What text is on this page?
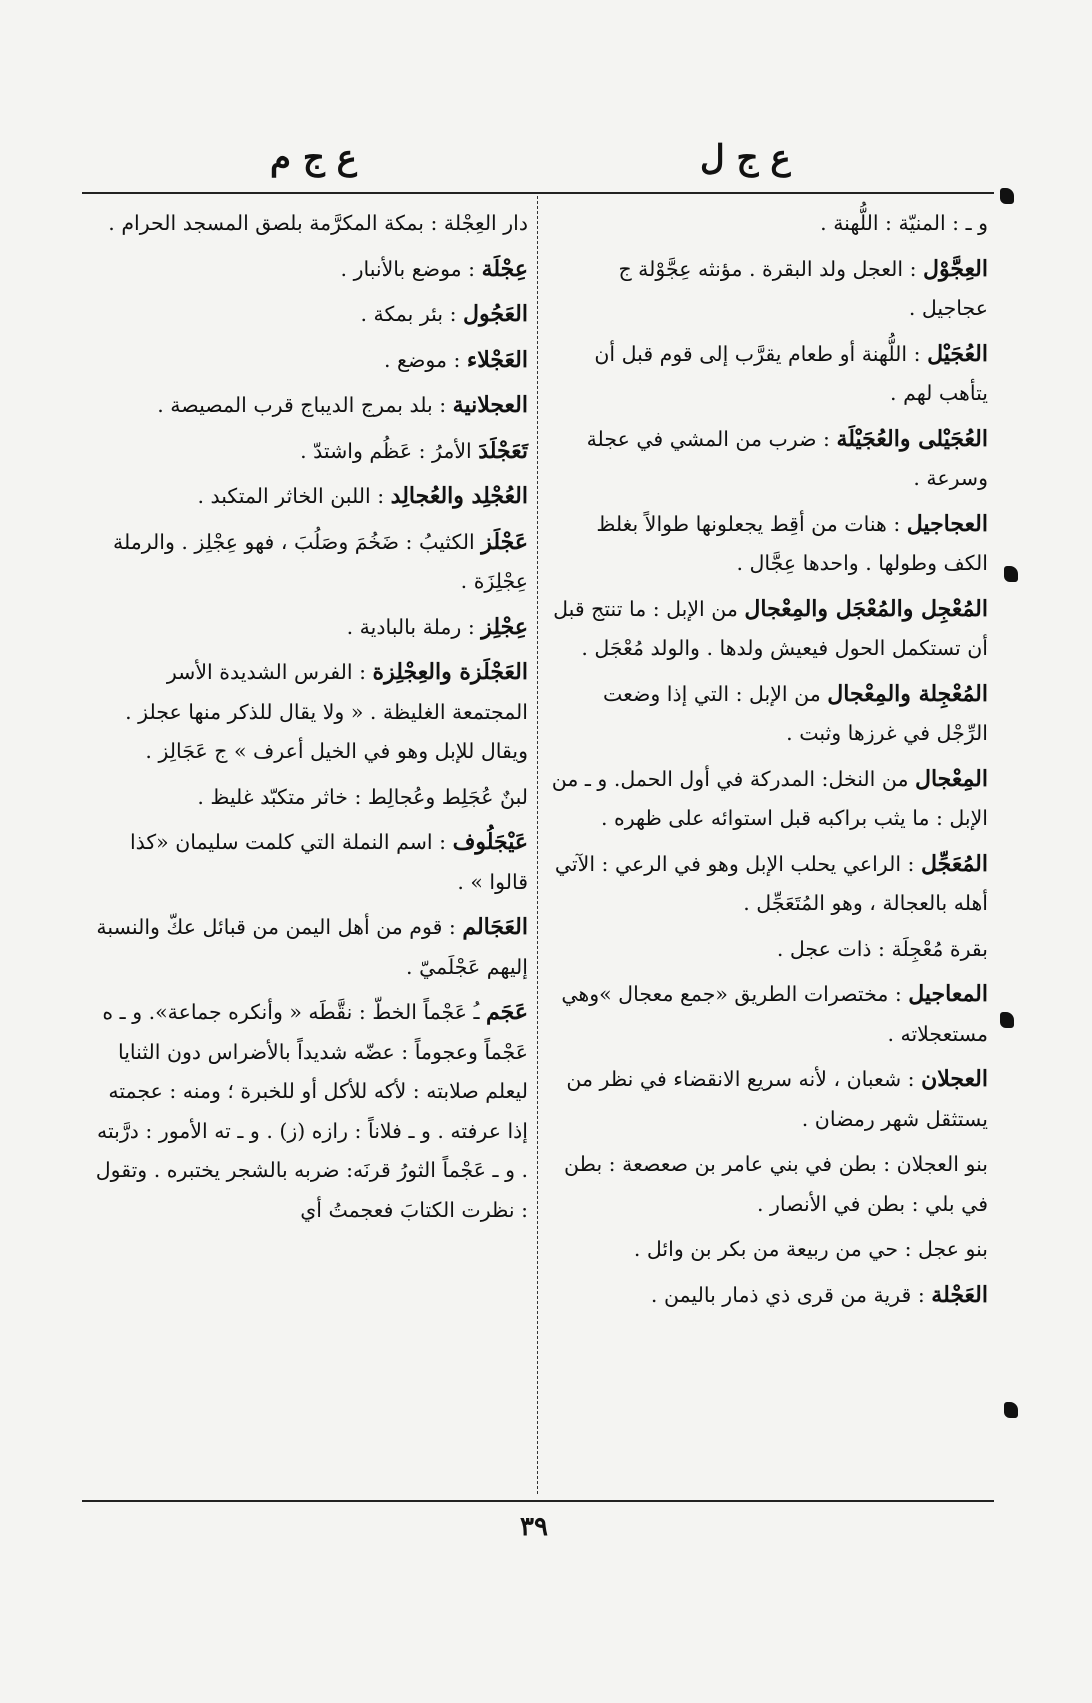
ع ج ل
ع ج م
و ـ : المنيّة : اللُّهنة .
العِجَّوْل : العجل ولد البقرة . مؤنثه عِجَّوْلة ج عجاجيل .
العُجَيْل : اللُّهنة أو طعام يقرَّب إلى قوم قبل أن يتأهب لهم .
العُجَيْلى والعُجَيْلَة : ضرب من المشي في عجلة وسرعة .
العجاجيل : هنات من أقِط يجعلونها طوالاً بغلظ الكف وطولها . واحدها عِجَّال .
المُعْجِل والمُعْجَل والمِعْجال من الإبل : ما تنتج قبل أن تستكمل الحول فيعيش ولدها . والولد مُعْجَل .
المُعْجِلة والمِعْجال من الإبل : التي إذا وضعت الرِّجْل في غرزها وثبت .
المِعْجال من النخل: المدركة في أول الحمل. و ـ من الإبل : ما يثب براكبه قبل استوائه على ظهره .
المُعَجِّل : الراعي يحلب الإبل وهو في الرعي : الآتي أهله بالعجالة ، وهو المُتَعَجِّل .
بقرة مُعْجِلَة : ذات عجل .
المعاجيل : مختصرات الطريق «جمع معجال »وهي مستعجلاته .
العجلان : شعبان ، لأنه سريع الانقضاء في نظر من يستثقل شهر رمضان .
بنو العجلان : بطن في بني عامر بن صعصعة : بطن في بلي : بطن في الأنصار .
بنو عجل : حي من ربيعة من بكر بن وائل .
العَجْلة : قرية من قرى ذي ذمار باليمن .
دار العِجْلة : بمكة المكرَّمة بلصق المسجد الحرام .
عِجْلَة : موضع بالأنبار .
العَجُول : بئر بمكة .
العَجْلاء : موضع .
العجلانية : بلد بمرج الديباج قرب المصيصة .
تَعَجْلَدَ الأمرُ : عَظُم واشتدّ .
العُجْلِد والعُجالِد : اللبن الخاثر المتكبد .
عَجْلَز الكثيبُ : ضَخُمَ وصَلُبَ ، فهو عِجْلِز . والرملة عِجْلِزَة .
عِجْلِز : رملة بالبادية .
العَجْلَزة والعِجْلِزة : الفرس الشديدة الأسر المجتمعة الغليظة . « ولا يقال للذكر منها عجلز . ويقال للإبل وهو في الخيل أعرف » ج عَجَالِز .
لبنٌ عُجَلِط وعُجالِط : خاثر متكبّد غليظ .
عَيْجَلُوف : اسم النملة التي كلمت سليمان «كذا قالوا » .
العَجَالم : قوم من أهل اليمن من قبائل عكّ والنسبة إليهم عَجْلَميّ .
عَجَم ـُ عَجْماً الخطّ : نقَّطَه « وأنكره جماعة». و ـ ه عَجْماً وعجوماً : عضّه شديداً بالأضراس دون الثنايا ليعلم صلابته : لأكه للأكل أو للخبرة ؛ ومنه : عجمته إذا عرفته . و ـ فلاناً : رازه (ز) . و ـ ته الأمور : درَّبته . و ـ عَجْماً الثورُ قرنَه: ضربه بالشجر يختبره . وتقول : نظرت الكتابَ فعجمتُ أي
٣٩
